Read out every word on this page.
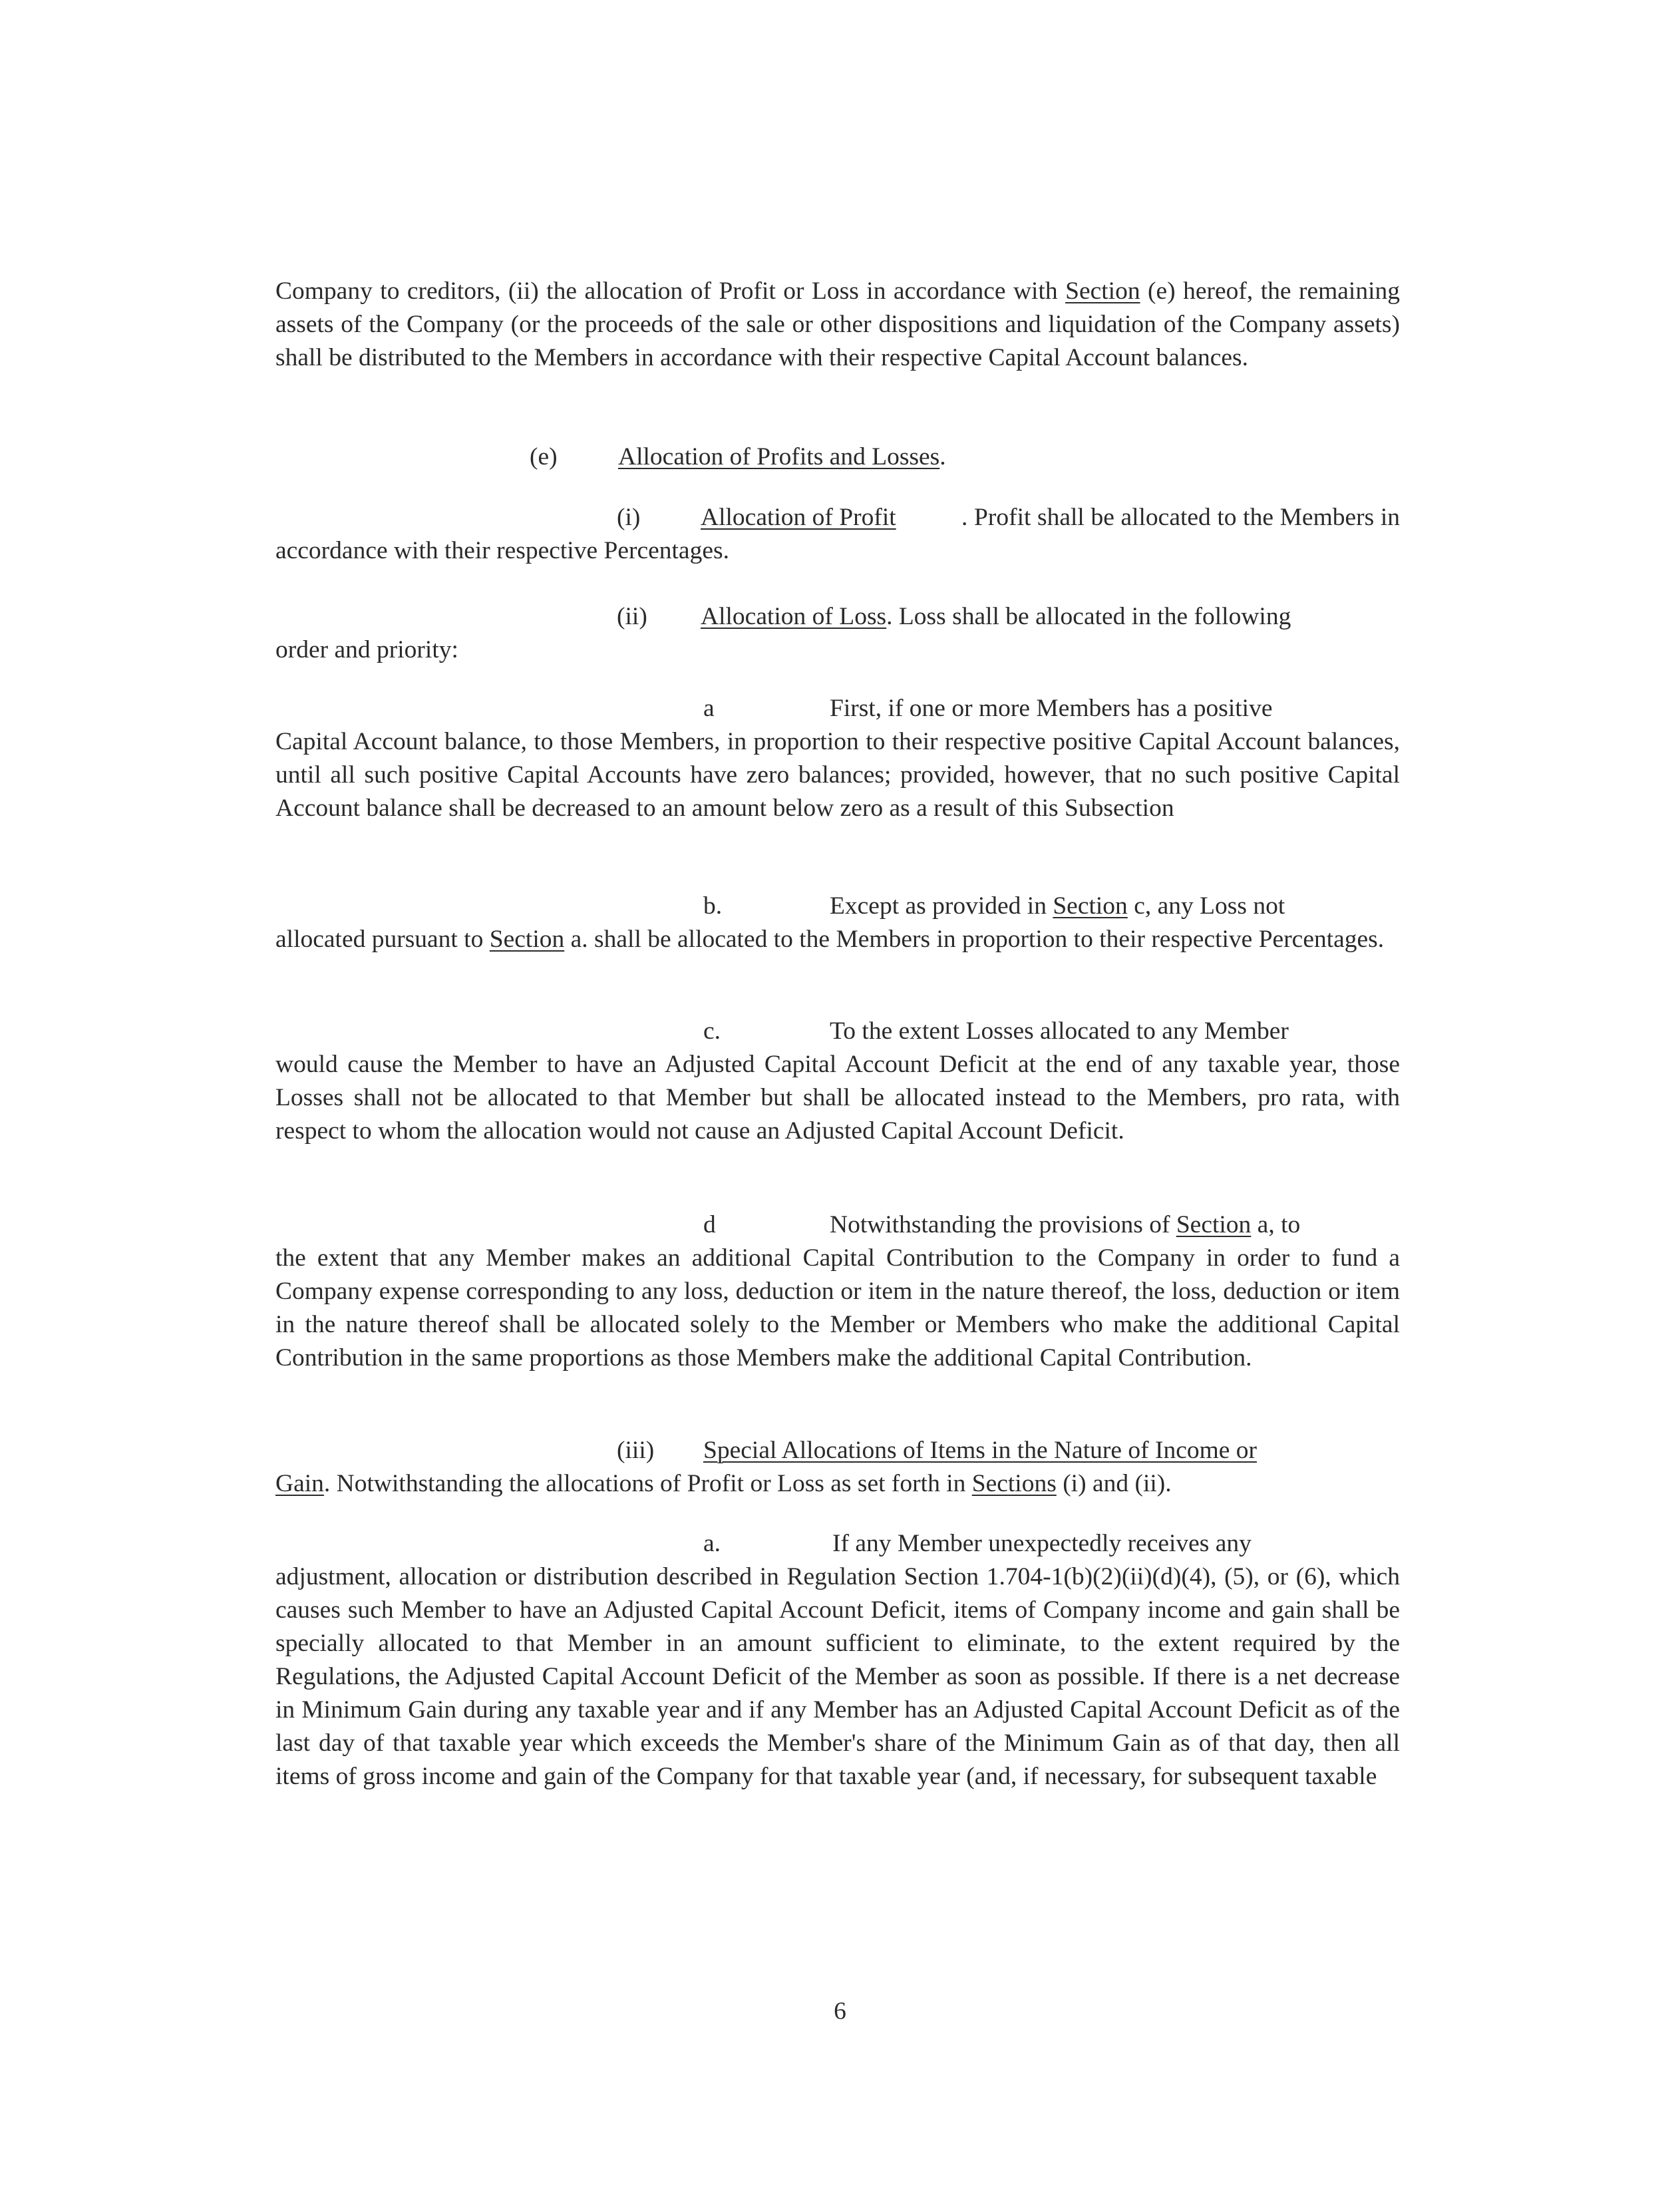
Company to creditors, (ii) the allocation of Profit or Loss in accordance with Section (e) hereof, the remaining assets of the Company (or the proceeds of the sale or other dispositions and liquidation of the Company assets) shall be distributed to the Members in accordance with their respective Capital Account balances.

(e) Allocation of Profits and Losses.
(i) Allocation of Profit	. Profit shall be allocated to the Members in accordance with their respective Percentages.

(ii) Allocation of Loss. Loss shall be allocated in the following

order and priority:

a	First, if one or more Members has a positive

Capital Account balance, to those Members, in proportion to their respective positive Capital Account balances, until all such positive Capital Accounts have zero balances; provided, however, that no such positive Capital Account balance shall be decreased to an amount below zero as a result of this Subsection

b.	Except as provided in Section c, any Loss not

allocated pursuant to Section a. shall be allocated to the Members in proportion to their respective Percentages.

c.	To the extent Losses allocated to any Member

would cause the Member to have an Adjusted Capital Account Deficit at the end of any taxable year, those Losses shall not be allocated to that Member but shall be allocated instead to the Members, pro rata, with respect to whom the allocation would not cause an Adjusted Capital Account Deficit.

d	Notwithstanding the provisions of Section a, to

the extent that any Member makes an additional Capital Contribution to the Company in order to fund a Company expense corresponding to any loss, deduction or item in the nature thereof, the loss, deduction or item in the nature thereof shall be allocated solely to the Member or Members who make the additional Capital Contribution in the same proportions as those Members make the additional Capital Contribution.

(iii) Special Allocations of Items in the Nature of Income or

Gain. Notwithstanding the allocations of Profit or Loss as set forth in Sections (i) and (ii).

a.	If any Member unexpectedly receives any

adjustment, allocation or distribution described in Regulation Section 1.704-1(b)(2)(ii)(d)(4), (5), or (6), which causes such Member to have an Adjusted Capital Account Deficit, items of Company income and gain shall be specially allocated to that Member in an amount sufficient to eliminate, to the extent required by the Regulations, the Adjusted Capital Account Deficit of the Member as soon as possible. If there is a net decrease in Minimum Gain during any taxable year and if any Member has an Adjusted Capital Account Deficit as of the last day of that taxable year which exceeds the Member's share of the Minimum Gain as of that day, then all items of gross income and gain of the Company for that taxable year (and, if necessary, for subsequent taxable

6
